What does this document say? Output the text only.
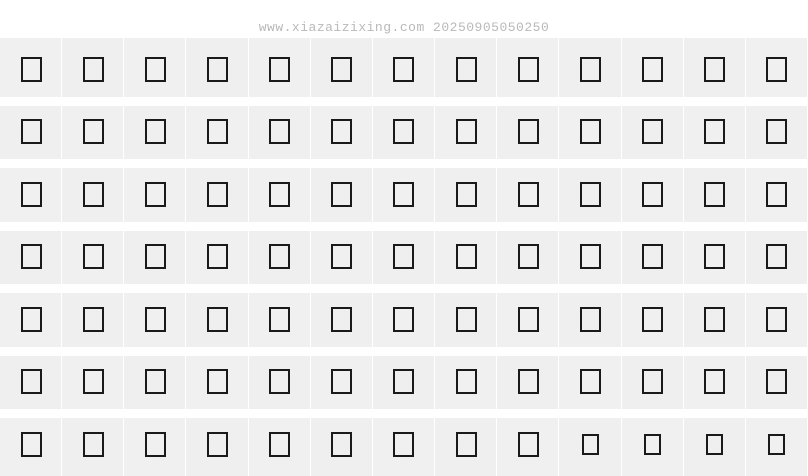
www.xiazaizixing.com 20250905050250
